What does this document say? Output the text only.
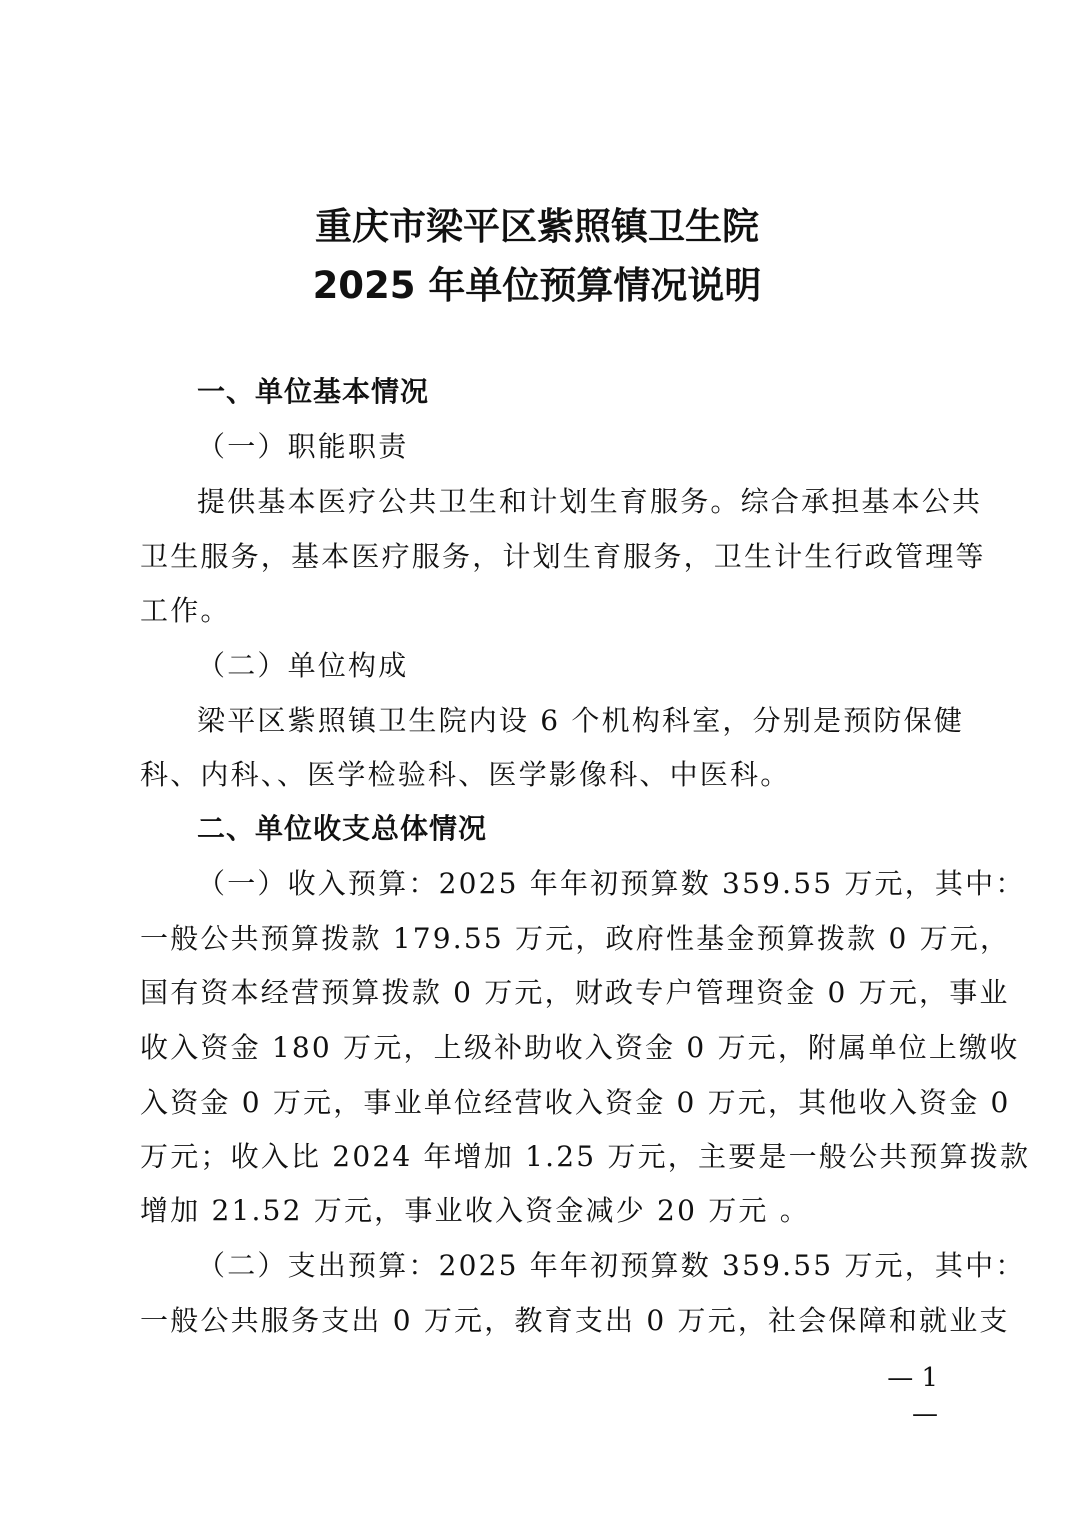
重庆市梁平区紫照镇卫生院
2025 年单位预算情况说明
一、单位基本情况
（一）职能职责
提供基本医疗公共卫生和计划生育服务。综合承担基本公共
卫生服务，基本医疗服务，计划生育服务，卫生计生行政管理等
工作。
（二）单位构成
梁平区紫照镇卫生院内设 6 个机构科室，分别是预防保健
科、内科、、医学检验科、医学影像科、中医科。
二、单位收支总体情况
（一）收入预算：2025 年年初预算数 359.55 万元，其中：
一般公共预算拨款 179.55 万元，政府性基金预算拨款 0 万元，
国有资本经营预算拨款 0 万元，财政专户管理资金 0 万元，事业
收入资金 180 万元，上级补助收入资金 0 万元，附属单位上缴收
入资金 0 万元，事业单位经营收入资金 0 万元，其他收入资金 0
万元；收入比 2024 年增加 1.25 万元，主要是一般公共预算拨款
增加 21.52 万元，事业收入资金减少 20 万元 。
（二）支出预算：2025 年年初预算数 359.55 万元，其中：
一般公共服务支出 0 万元，教育支出 0 万元，社会保障和就业支
— 1 —
